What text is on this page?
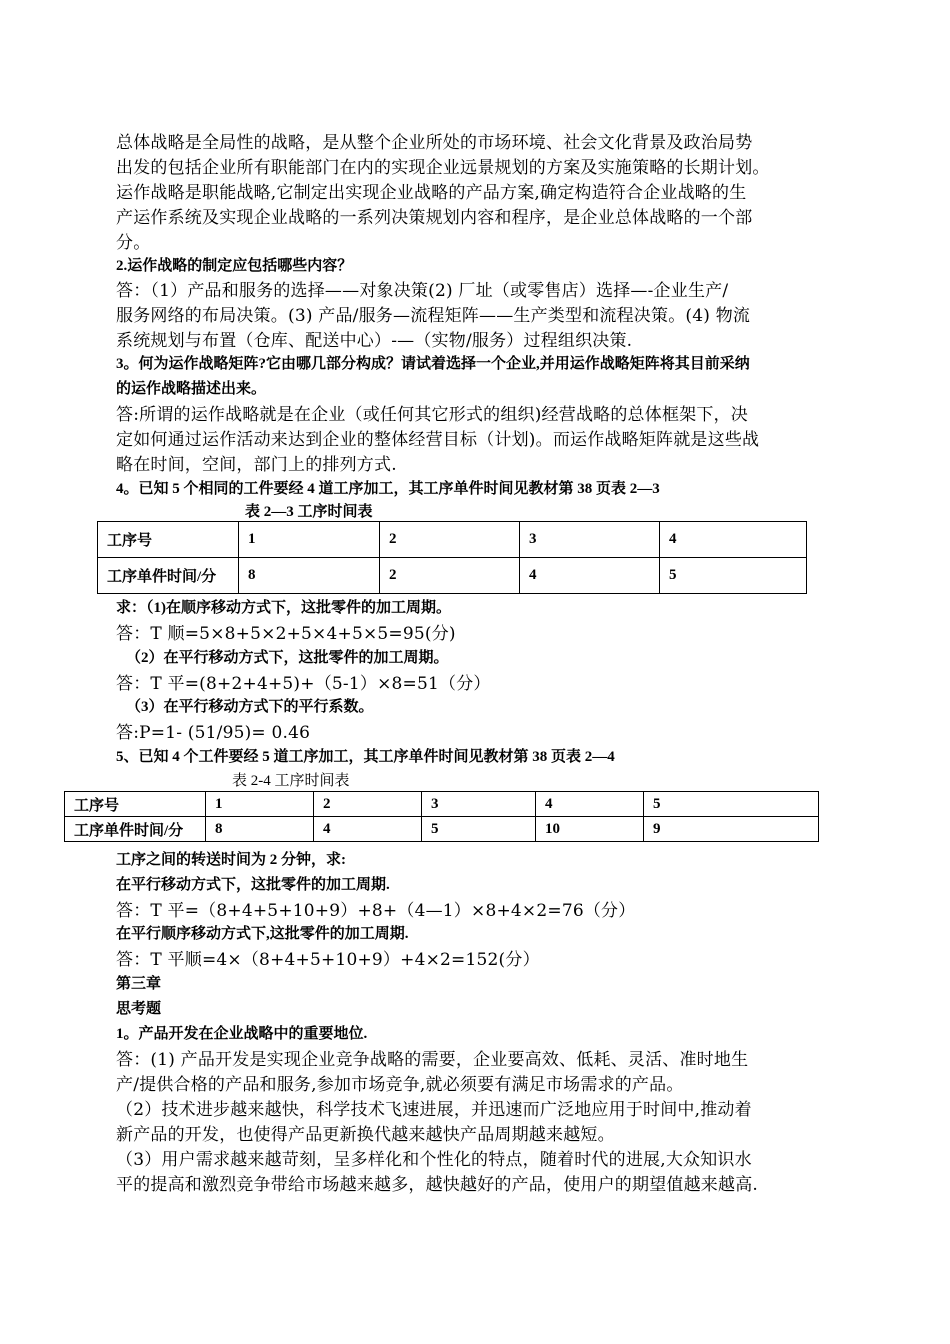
总体战略是全局性的战略，是从整个企业所处的市场环境、社会文化背景及政治局势
出发的包括企业所有职能部门在内的实现企业远景规划的方案及实施策略的长期计划。
运作战略是职能战略,它制定出实现企业战略的产品方案,确定构造符合企业战略的生
产运作系统及实现企业战略的一系列决策规划内容和程序，是企业总体战略的一个部
分。
2.运作战略的制定应包括哪些内容？
答：（1）产品和服务的选择——对象决策(2) 厂址（或零售店）选择—-企业生产/
服务网络的布局决策。(3) 产品/服务—流程矩阵——生产类型和流程决策。(4) 物流
系统规划与布置（仓库、配送中心）-—（实物/服务）过程组织决策.
3。何为运作战略矩阵?它由哪几部分构成？请试着选择一个企业,并用运作战略矩阵将其目前采纳
的运作战略描述出来。
答:所谓的运作战略就是在企业（或任何其它形式的组织)经营战略的总体框架下，决
定如何通过运作活动来达到企业的整体经营目标（计划)。而运作战略矩阵就是这些战
略在时间，空间，部门上的排列方式.
4。已知 5 个相同的工件要经 4 道工序加工，其工序单件时间见教材第 38 页表 2—3
表 2—3 工序时间表
工序号	1	2	3	4
工序单件时间/分	8	2	4	5
求：（1)在顺序移动方式下，这批零件的加工周期。
答：T 顺=5×8+5×2+5×4+5×5=95(分)
（2）在平行移动方式下，这批零件的加工周期。
答：T 平=(8+2+4+5)+（5-1）×8=51（分）
（3）在平行移动方式下的平行系数。
答:P=1- (51/95)= 0.46
5、已知 4 个工件要经 5 道工序加工，其工序单件时间见教材第 38 页表 2—4
表 2-4 工序时间表
工序号	1	2	3	4	5
工序单件时间/分	8	4	5	10	9
工序之间的转送时间为 2 分钟，求:
在平行移动方式下，这批零件的加工周期.
答：T 平=（8+4+5+10+9）+8+（4—1）×8+4×2=76（分）
在平行顺序移动方式下,这批零件的加工周期.
答：T 平顺=4×（8+4+5+10+9）+4×2=152(分）
第三章
思考题
1。产品开发在企业战略中的重要地位.
答：(1) 产品开发是实现企业竞争战略的需要，企业要高效、低耗、灵活、准时地生
产/提供合格的产品和服务,参加市场竞争,就必须要有满足市场需求的产品。
（2）技术进步越来越快，科学技术飞速进展，并迅速而广泛地应用于时间中,推动着
新产品的开发，也使得产品更新换代越来越快产品周期越来越短。
（3）用户需求越来越苛刻，呈多样化和个性化的特点，随着时代的进展,大众知识水
平的提高和激烈竞争带给市场越来越多，越快越好的产品，使用户的期望值越来越高.
